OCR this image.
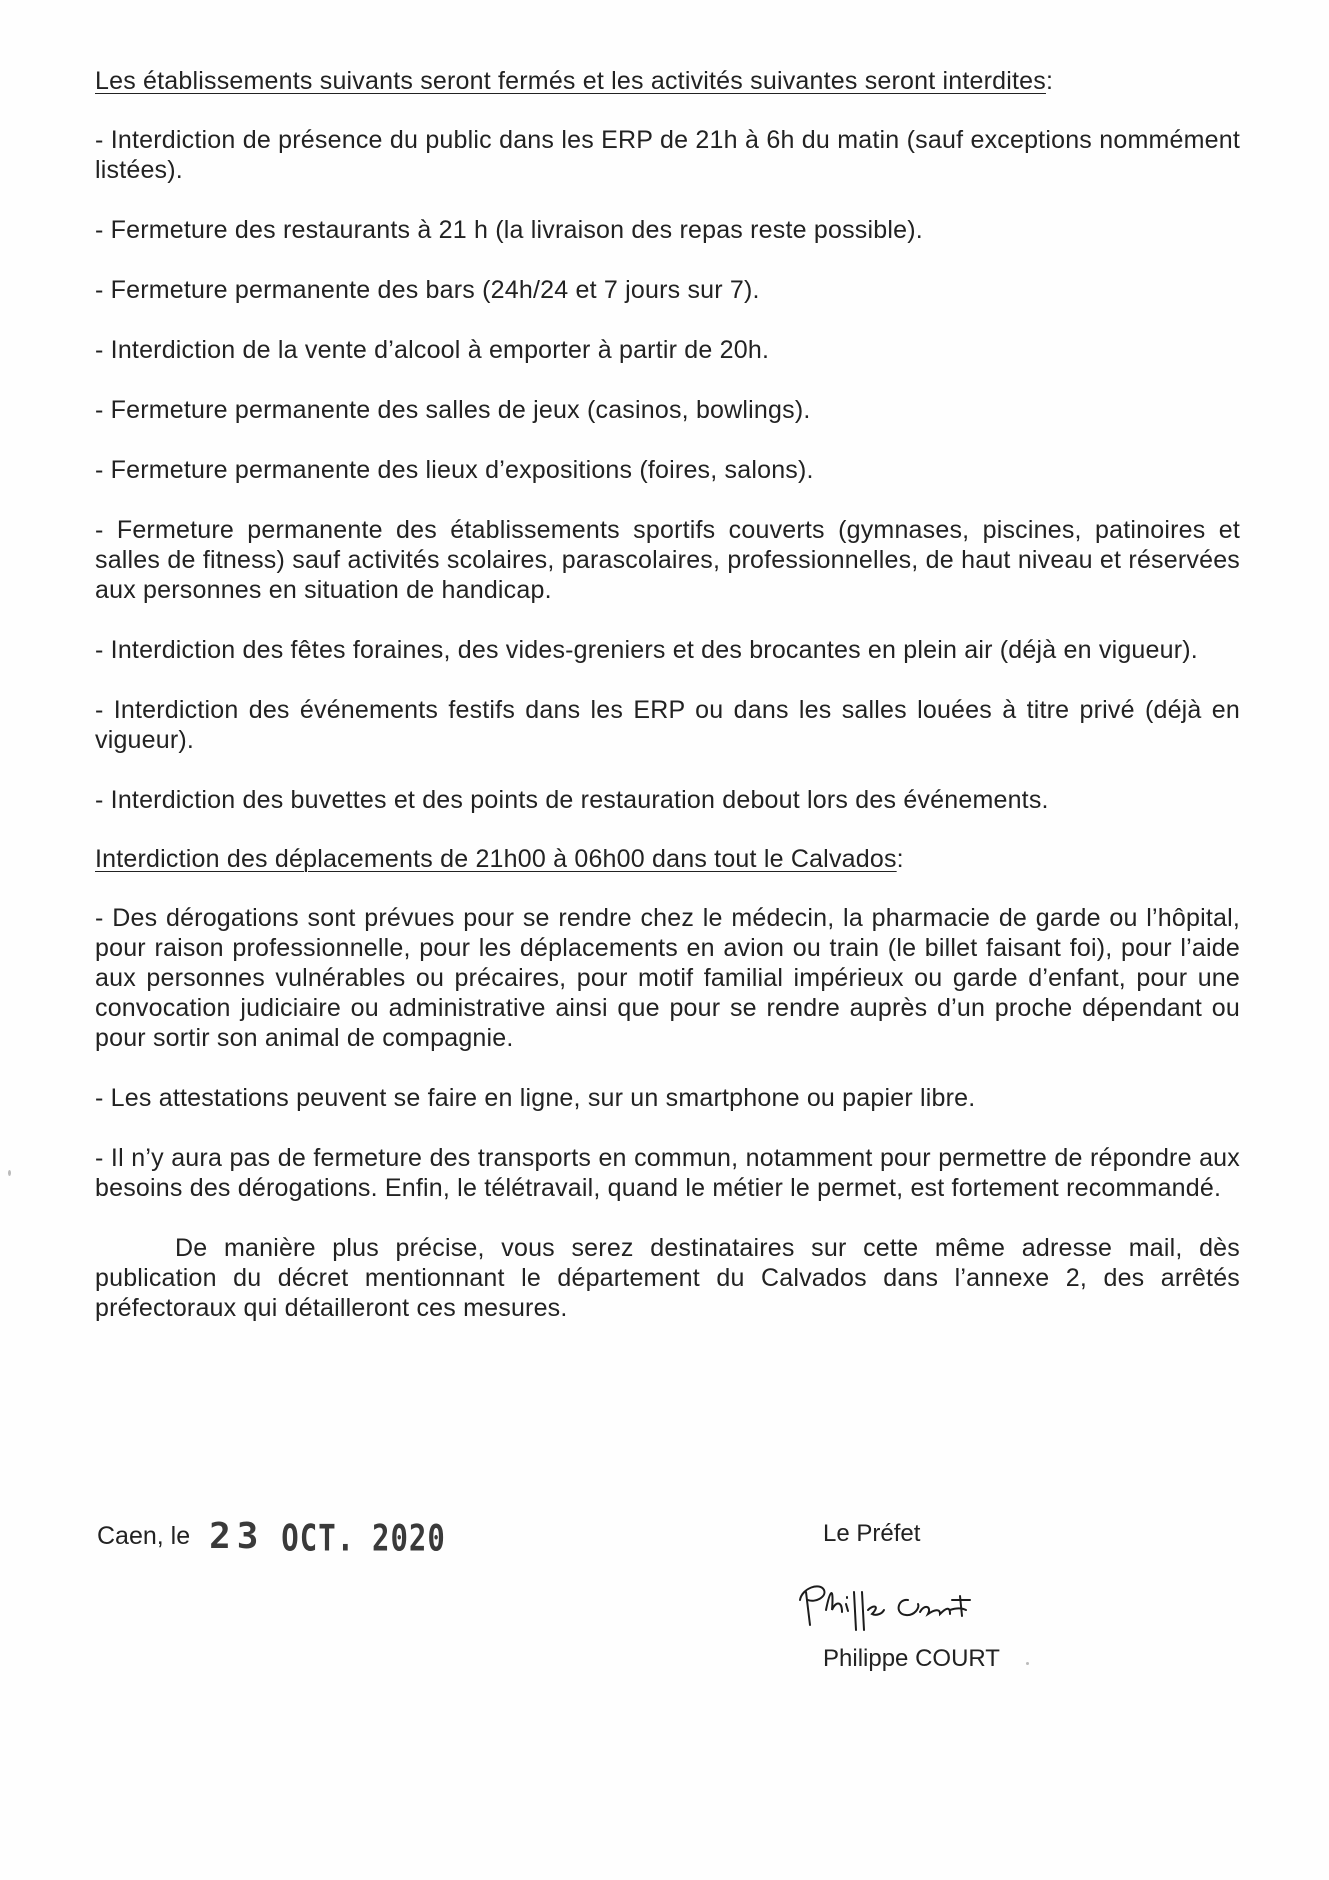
Les établissements suivants seront fermés et les activités suivantes seront interdites:

- Interdiction de présence du public dans les ERP de 21h à 6h du matin (sauf exceptions nommément listées).

- Fermeture des restaurants à 21 h (la livraison des repas reste possible).

- Fermeture permanente des bars (24h/24 et 7 jours sur 7).

- Interdiction de la vente d’alcool à emporter à partir de 20h.

- Fermeture permanente des salles de jeux (casinos, bowlings).

- Fermeture permanente des lieux d’expositions (foires, salons).

- Fermeture permanente des établissements sportifs couverts (gymnases, piscines, patinoires et salles de fitness) sauf activités scolaires, parascolaires, professionnelles, de haut niveau et réservées aux personnes en situation de handicap.

- Interdiction des fêtes foraines, des vides-greniers et des brocantes en plein air (déjà en vigueur).

- Interdiction des événements festifs dans les ERP ou dans les salles louées à titre privé (déjà en vigueur).

- Interdiction des buvettes et des points de restauration debout lors des événements.

Interdiction des déplacements de 21h00 à 06h00 dans tout le Calvados:

- Des dérogations sont prévues pour se rendre chez le médecin, la pharmacie de garde ou l’hôpital, pour raison professionnelle, pour les déplacements en avion ou train (le billet faisant foi), pour l’aide aux personnes vulnérables ou précaires, pour motif familial impérieux ou garde d’enfant, pour une convocation judiciaire ou administrative ainsi que pour se rendre auprès d’un proche dépendant ou pour sortir son animal de compagnie.

- Les attestations peuvent se faire en ligne, sur un smartphone ou papier libre.

- Il n’y aura pas de fermeture des transports en commun, notamment pour permettre de répondre aux besoins des dérogations. Enfin, le télétravail, quand le métier le permet, est fortement recommandé.

De manière plus précise, vous serez destinataires sur cette même adresse mail, dès publication du décret mentionnant le département du Calvados dans l’annexe 2, des arrêtés préfectoraux qui détailleront ces mesures.

Caen, le 23 OCT. 2020	Le Préfet
Philippe COURT
